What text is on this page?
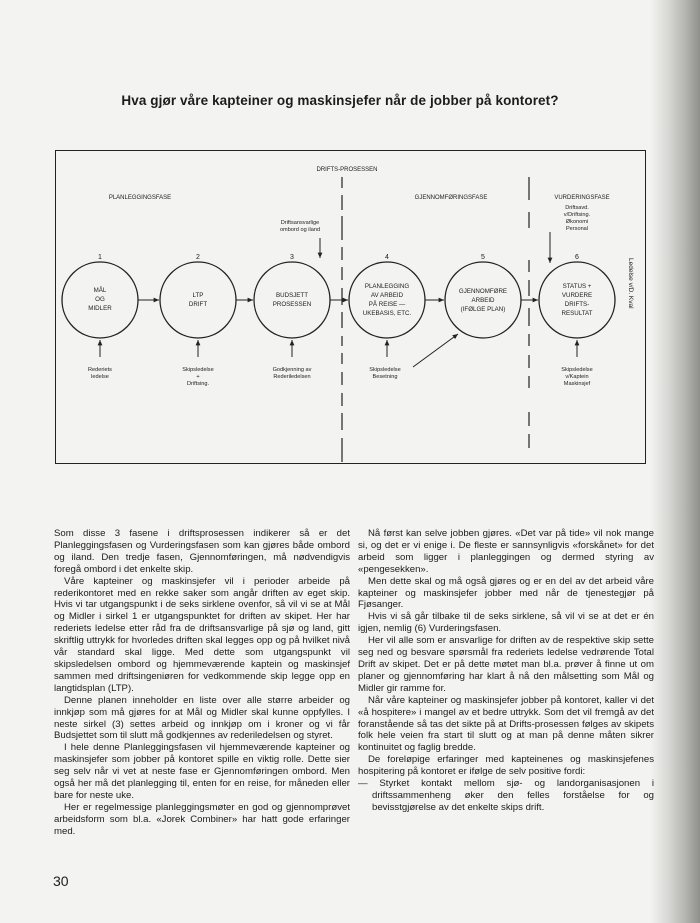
Hva gjør våre kapteiner og maskinsjefer når de jobber på kontoret?
DRIFTS-PROSESSEN
PLANLEGGINGSFASE	GJENNOMFØRINGSFASE	VURDERINGSFASE
1	2	3	4	5	6
MÅL
OG
MIDLER
LTP
DRIFT
BUDSJETT
PROSESSEN
PLANLEGGING
AV ARBEID
PÅ REISE —
UKEBASIS, ETC.
GJENNOMFØRE
ARBEID
(IFØLGE PLAN)
STATUS +
VURDERE
DRIFTS-
RESULTAT
Driftsansvarlige
ombord og iland
Driftsavd.
v/Driftsing.
Økonomi
Personal
Rederiets
ledelse
Skipsledelse
+
Driftsing.
Godkjenning av
Rederiledelsen
Skipsledelse
Besetning
Skipsledelse
v/Kaptein
Maskinsjef
Ledelse v/D. Kval

Som disse 3 fasene i driftsprosessen indikerer så er det Planleggingsfasen og Vurderingsfasen som kan gjøres både ombord og iland. Den tredje fasen, Gjennomføringen, må nødvendigvis foregå ombord i det enkelte skip.

Våre kapteiner og maskinsjefer vil i perioder arbeide på rederikontoret med en rekke saker som angår driften av eget skip. Hvis vi tar utgangspunkt i de seks sirklene ovenfor, så vil vi se at Mål og Midler i sirkel 1 er utgangspunktet for driften av skipet. Her har rederiets ledelse etter råd fra de driftsansvarlige på sjø og land, gitt skriftlig uttrykk for hvorledes driften skal legges opp og på hvilket nivå vår standard skal ligge. Med dette som utgangspunkt vil skipsledelsen ombord og hjemmeværende kaptein og maskinsjef sammen med driftsingeniøren for vedkommende skip legge opp en langtidsplan (LTP).

Denne planen inneholder en liste over alle større arbeider og innkjøp som må gjøres for at Mål og Midler skal kunne oppfylles. I neste sirkel (3) settes arbeid og innkjøp om i kroner og vi får Budsjettet som til slutt må godkjennes av rederiledelsen og styret.

I hele denne Planleggingsfasen vil hjemmeværende kapteiner og maskinsjefer som jobber på kontoret spille en viktig rolle. Dette sier seg selv når vi vet at neste fase er Gjennomføringen ombord. Men også her må det planlegging til, enten for en reise, for måneden eller bare for neste uke.

Her er regelmessige planleggingsmøter en god og gjennomprøvet arbeidsform som bl.a. «Jorek Combiner» har hatt gode erfaringer med.

Nå først kan selve jobben gjøres. «Det var på tide» vil nok mange si, og det er vi enige i. De fleste er sannsynligvis «forskånet» for det arbeid som ligger i planleggingen og dermed styring av «pengesekken».

Men dette skal og må også gjøres og er en del av det arbeid våre kapteiner og maskinsjefer jobber med når de tjenestegjør på Fjøsanger.

Hvis vi så går tilbake til de seks sirklene, så vil vi se at det er én igjen, nemlig (6) Vurderingsfasen.

Her vil alle som er ansvarlige for driften av de respektive skip sette seg ned og besvare spørsmål fra rederiets ledelse vedrørende Total Drift av skipet. Det er på dette møtet man bl.a. prøver å finne ut om planer og gjennomføring har klart å nå den målsetting som Mål og Midler gir ramme for.

Når våre kapteiner og maskinsjefer jobber på kontoret, kaller vi det «å hospitere» i mangel av et bedre uttrykk. Som det vil fremgå av det foranstående så tas det sikte på at Drifts-prosessen følges av skipets folk hele veien fra start til slutt og at man på denne måten sikrer kontinuitet og faglig bredde.

De foreløpige erfaringer med kapteinenes og maskinsjefenes hospitering på kontoret er ifølge de selv positive fordi:

— Styrket kontakt mellom sjø- og landorganisasjonen i driftssammenheng øker den felles forståelse for og bevisstgjørelse av det enkelte skips drift.

30
